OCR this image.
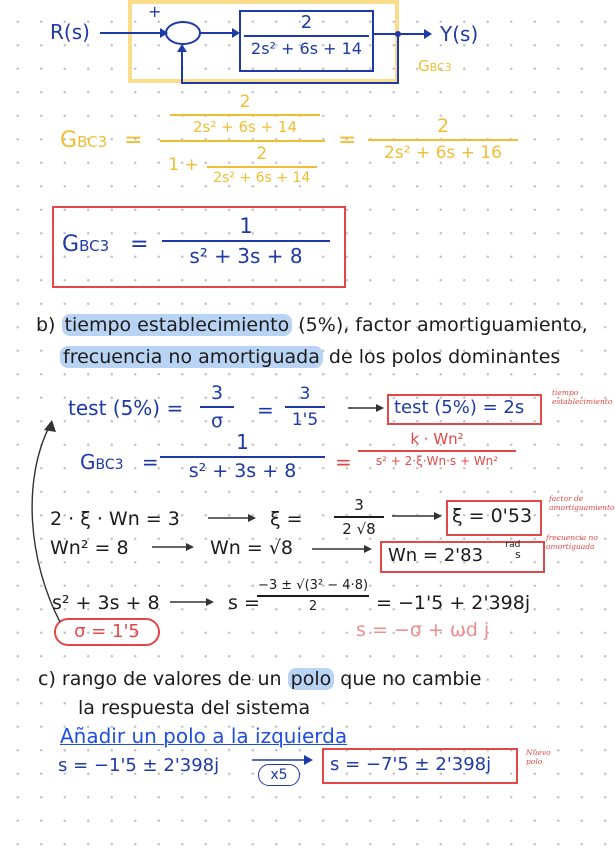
R(s)
+
2
2s² + 6s + 14
Y(s)
GBC3
GBC3 =
2
2s² + 6s + 14
$1 + \frac{2}{\text{2s² + 6s + 14}}$
=
2
2s² + 6s + 16
GBC3 =
1
s² + 3s + 8
b) tiempo establecimiento (5%), factor amortiguamiento,
frecuencia no amortiguada de los polos dominantes
test (5%) =
3
σ	=
3
1'5
test (5%) = 2s
tiempo establecimiento
GBC3 =
1
s² + 3s + 8	=
k · Wn²
s² + 2·ξ·Wn·s + Wn²
2 · ξ · Wn = 3	ξ =
3
2 √8
ξ = 0'53
factor de amortiguamiento
Wn² = 8	Wn = √8	Wn = 2'83 rad
s
frecuencia no amortiguada
s² + 3s + 8	s =
−3 ± √(3² − 4·8)
2	= −1'5 + 2'398j
σ = 1'5	s = −σ + ωd j
c) rango de valores de un polo que no cambie
la respuesta del sistema
Añadir un polo a la izquierda
s = −1'5 ± 2'398j	x5	s = −7'5 ± 2'398j
Nuevo polo
